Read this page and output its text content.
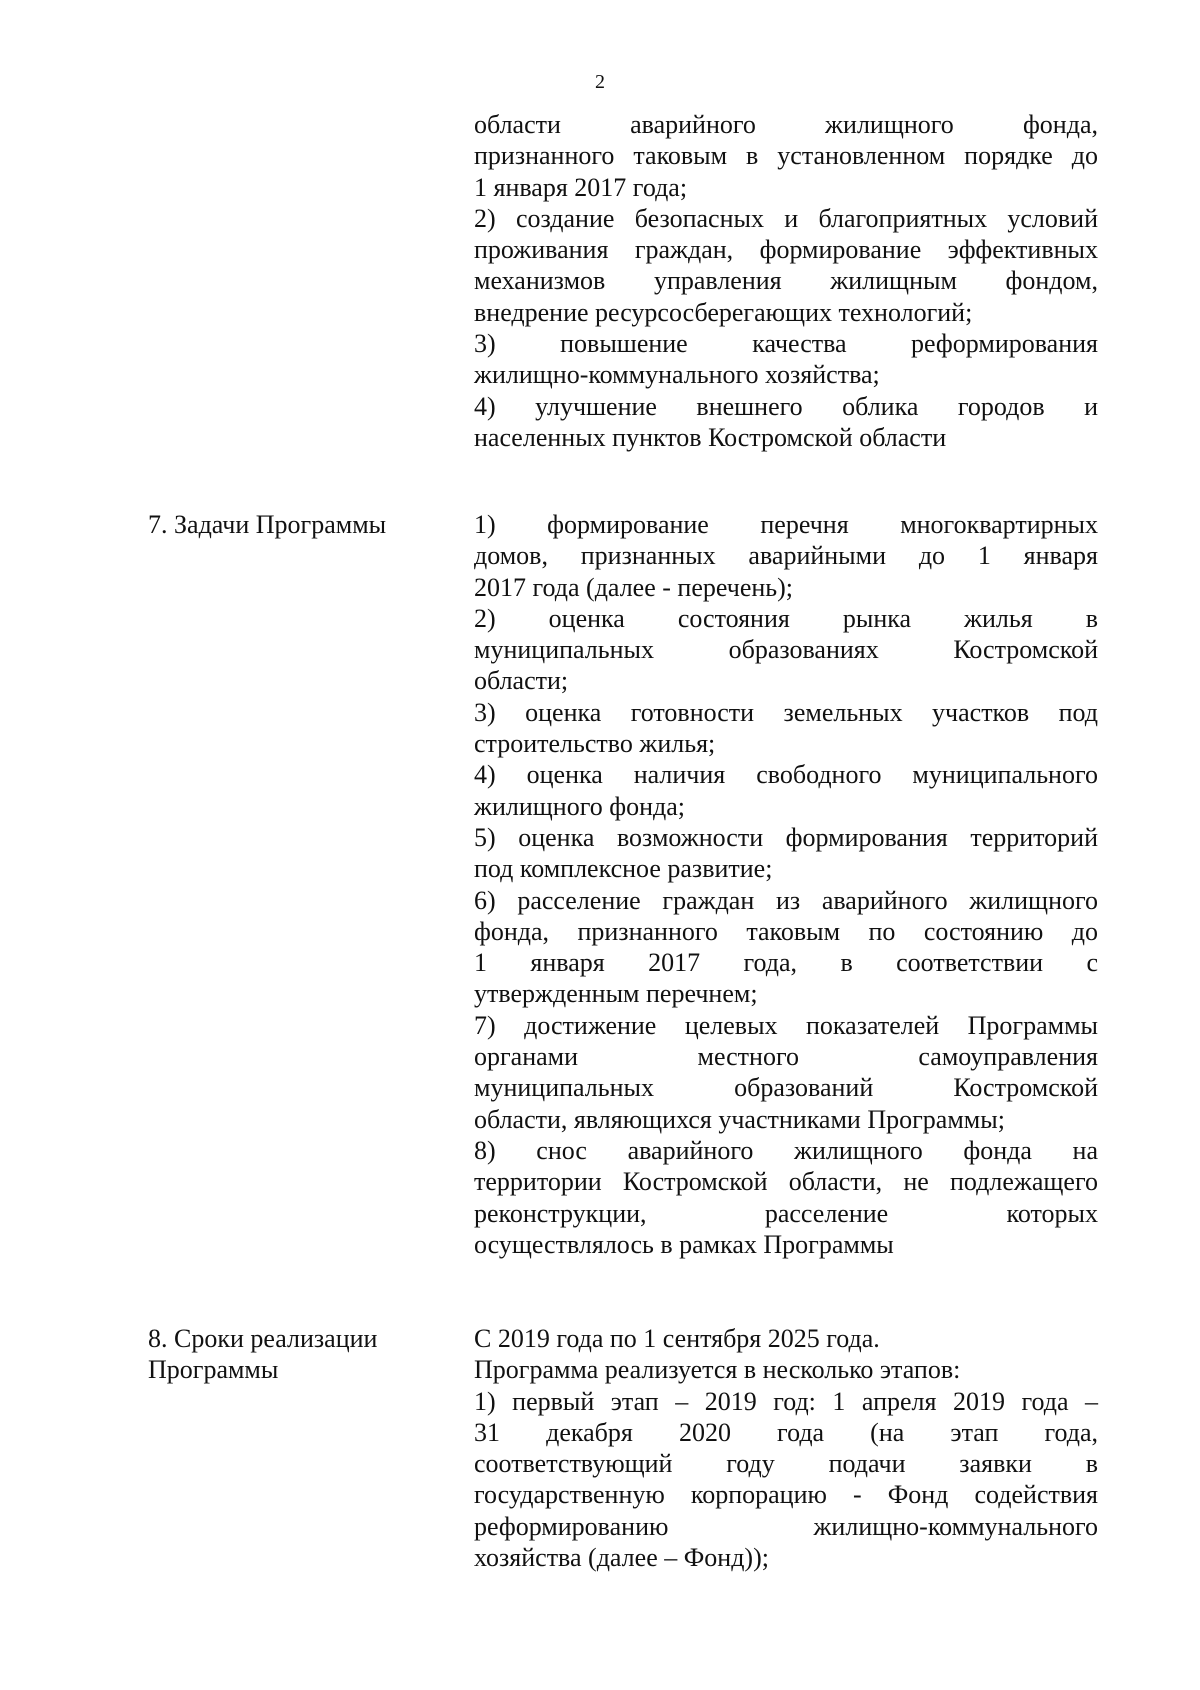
2
области аварийного жилищного фонда,
признанного таковым в установленном порядке до
1 января 2017 года;
2) создание безопасных и благоприятных условий
проживания граждан, формирование эффективных
механизмов управления жилищным фондом,
внедрение ресурсосберегающих технологий;
3) повышение качества реформирования
жилищно-коммунального хозяйства;
4) улучшение внешнего облика городов и
населенных пунктов Костромской области
7. Задачи Программы	1) формирование перечня многоквартирных
домов, признанных аварийными до 1 января
2017 года (далее - перечень);
2) оценка состояния рынка жилья в
муниципальных образованиях Костромской
области;
3) оценка готовности земельных участков под
строительство жилья;
4) оценка наличия свободного муниципального
жилищного фонда;
5) оценка возможности формирования территорий
под комплексное развитие;
6) расселение граждан из аварийного жилищного
фонда, признанного таковым по состоянию до
1 января 2017 года, в соответствии с
утвержденным перечнем;
7) достижение целевых показателей Программы
органами местного самоуправления
муниципальных образований Костромской
области, являющихся участниками Программы;
8) снос аварийного жилищного фонда на
территории Костромской области, не подлежащего
реконструкции, расселение которых
осуществлялось в рамках Программы
8. Сроки реализации
Программы
С 2019 года по 1 сентября 2025 года.
Программа реализуется в несколько этапов:
1) первый этап – 2019 год: 1 апреля 2019 года –
31 декабря 2020 года (на этап года,
соответствующий году подачи заявки в
государственную корпорацию - Фонд содействия
реформированию жилищно-коммунального
хозяйства (далее – Фонд));
